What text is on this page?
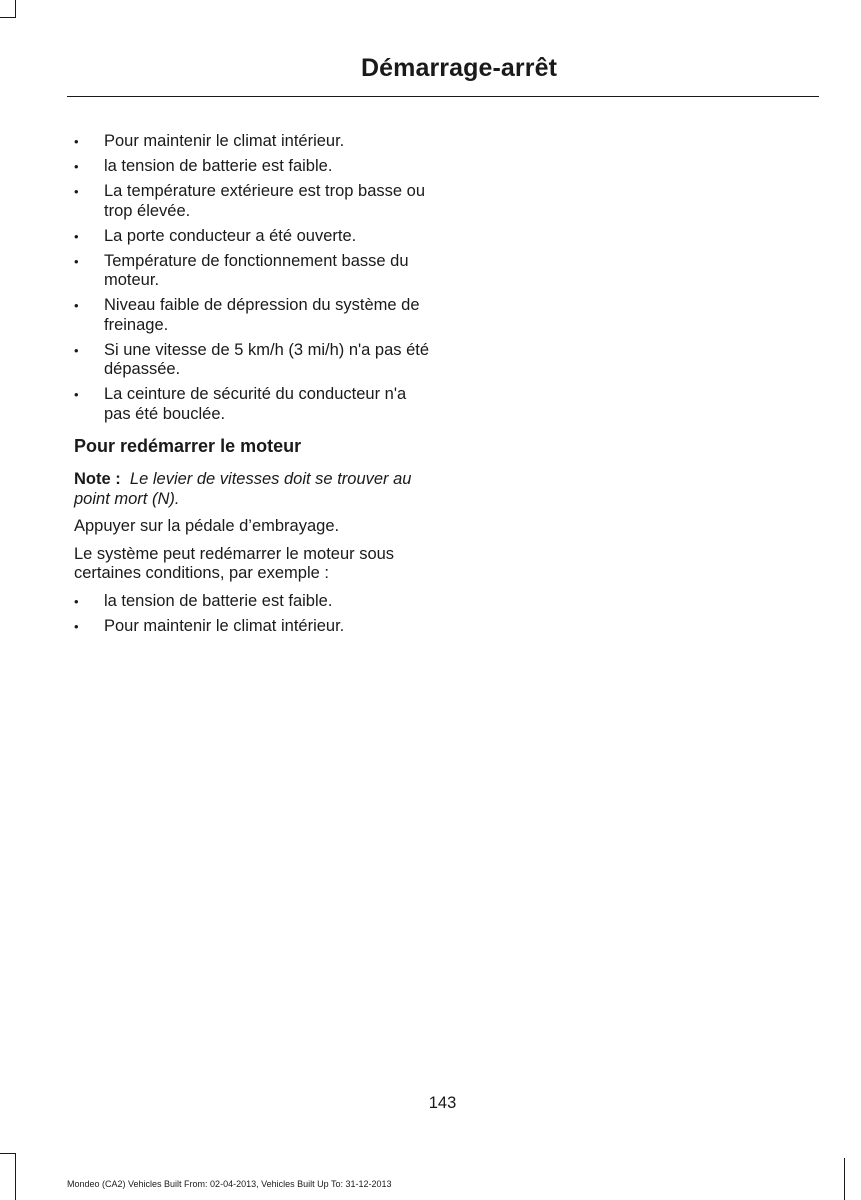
Démarrage-arrêt
• Pour maintenir le climat intérieur.
• la tension de batterie est faible.
• La température extérieure est trop basse ou trop élevée.
• La porte conducteur a été ouverte.
• Température de fonctionnement basse du moteur.
• Niveau faible de dépression du système de freinage.
• Si une vitesse de 5 km/h (3 mi/h) n'a pas été dépassée.
• La ceinture de sécurité du conducteur n'a pas été bouclée.
Pour redémarrer le moteur

Note : Le levier de vitesses doit se trouver au point mort (N).

Appuyer sur la pédale d’embrayage.

Le système peut redémarrer le moteur sous certaines conditions, par exemple :

• la tension de batterie est faible.
• Pour maintenir le climat intérieur.
143
Mondeo (CA2) Vehicles Built From: 02-04-2013, Vehicles Built Up To: 31-12-2013
